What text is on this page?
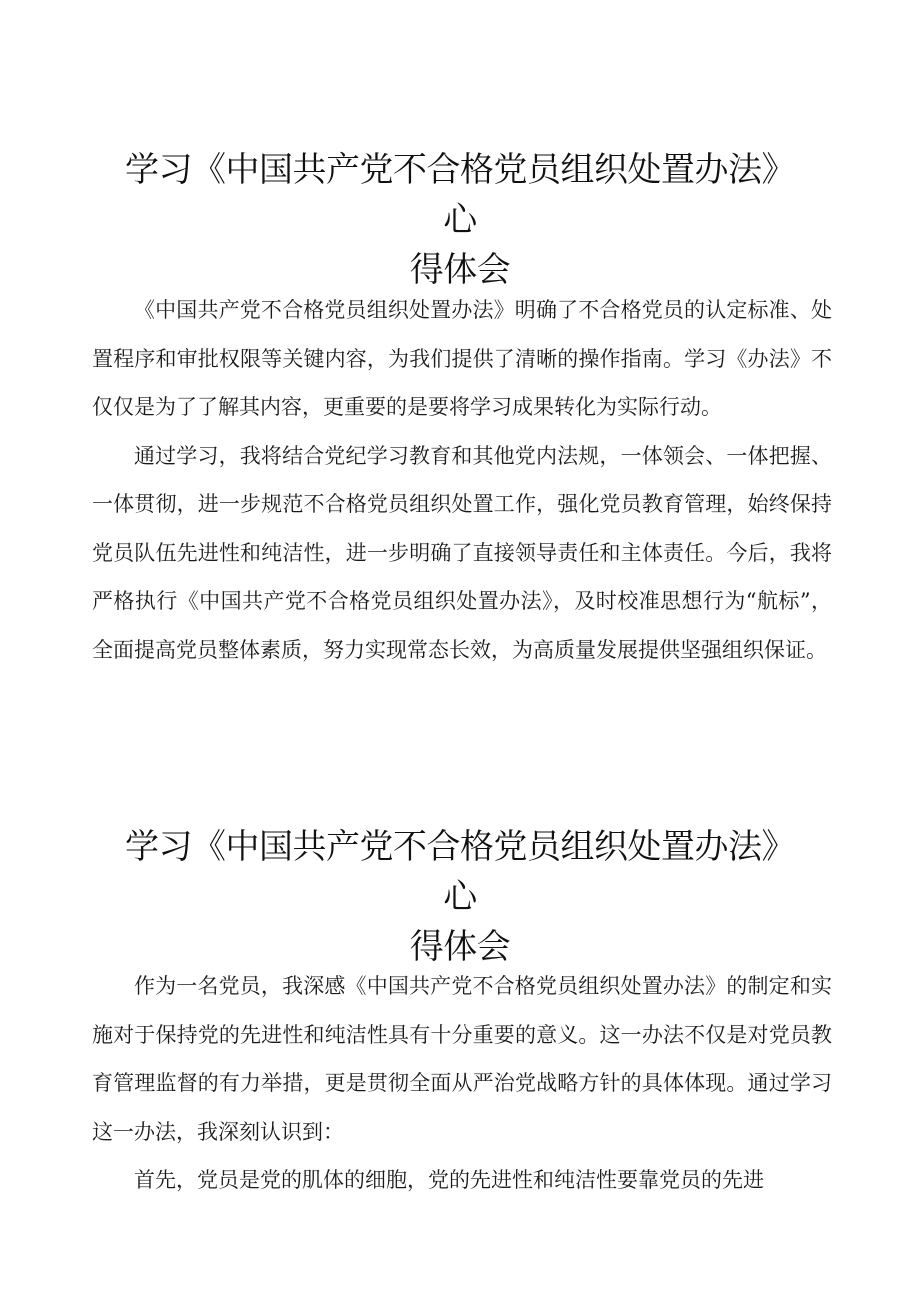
学习《中国共产党不合格党员组织处置办法》心
得体会

《中国共产党不合格党员组织处置办法》明确了不合格党员的认定标准、处置程序和审批权限等关键内容，为我们提供了清晰的操作指南。学习《办法》不仅仅是为了了解其内容，更重要的是要将学习成果转化为实际行动。

通过学习，我将结合党纪学习教育和其他党内法规，一体领会、一体把握、一体贯彻，进一步规范不合格党员组织处置工作，强化党员教育管理，始终保持党员队伍先进性和纯洁性，进一步明确了直接领导责任和主体责任。今后，我将严格执行《中国共产党不合格党员组织处置办法》，及时校准思想行为“航标”，全面提高党员整体素质，努力实现常态长效，为高质量发展提供坚强组织保证。

学习《中国共产党不合格党员组织处置办法》心
得体会

作为一名党员，我深感《中国共产党不合格党员组织处置办法》的制定和实施对于保持党的先进性和纯洁性具有十分重要的意义。这一办法不仅是对党员教育管理监督的有力举措，更是贯彻全面从严治党战略方针的具体体现。通过学习这一办法，我深刻认识到：

首先，党员是党的肌体的细胞，党的先进性和纯洁性要靠党员的先进
